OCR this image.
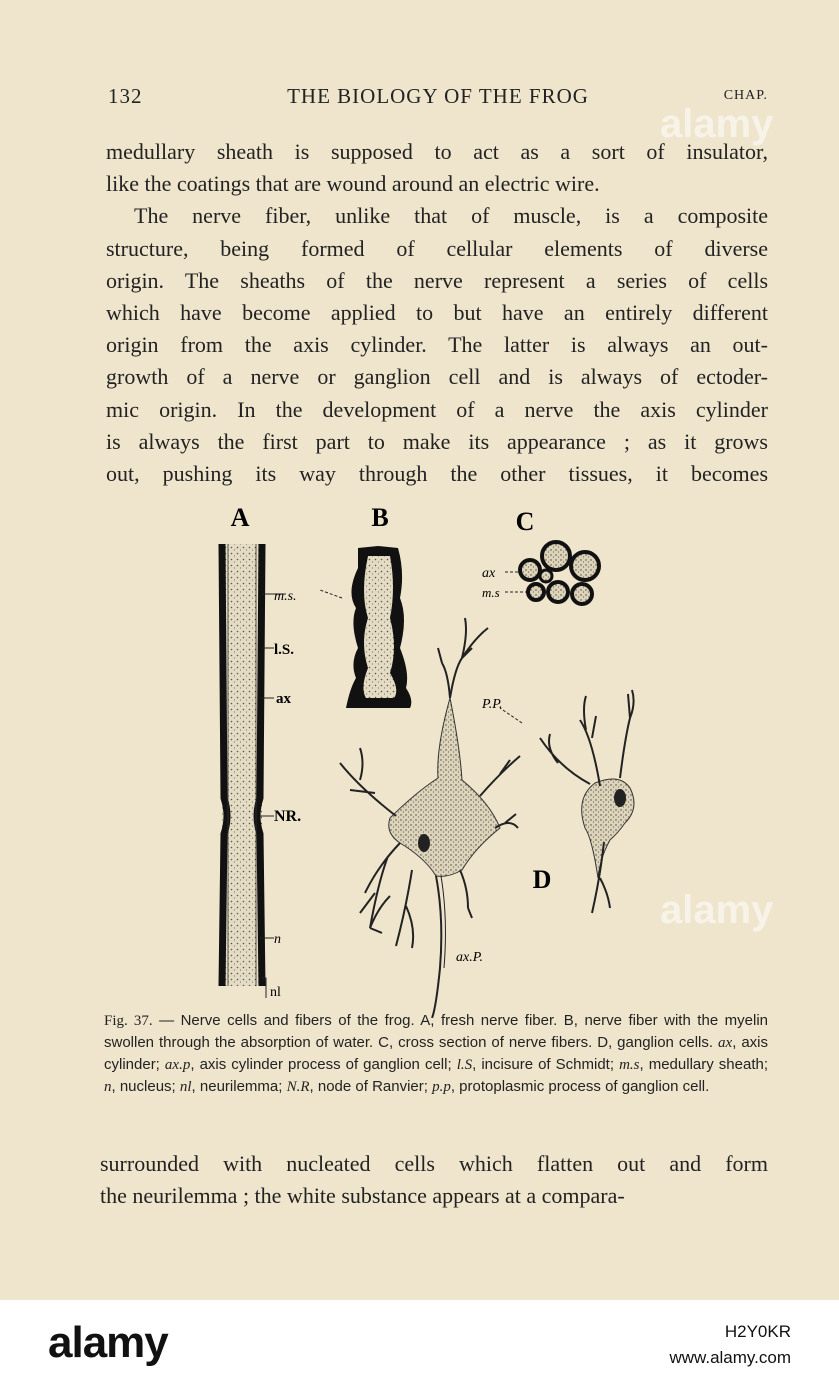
132	THE BIOLOGY OF THE FROG	CHAP.

medullary sheath is supposed to act as a sort of insulator,

like the coatings that are wound around an electric wire.

The nerve fiber, unlike that of muscle, is a composite

structure, being formed of cellular elements of diverse

origin. The sheaths of the nerve represent a series of cells

which have become applied to but have an entirely different

origin from the axis cylinder. The latter is always an out-

growth of a nerve or ganglion cell and is always of ectoder-

mic origin. In the development of a nerve the axis cylinder

is always the first part to make its appearance ; as it grows

out, pushing its way through the other tissues, it becomes

A	B	C
D
m.s.
l.S.
ax
NR.
n
nl
ax
m.s
ax.P.
P.P.

Fig. 37. — Nerve cells and fibers of the frog. A, fresh nerve fiber. B, nerve fiber with the myelin swollen through the absorption of water. C, cross section of nerve fibers. D, ganglion cells. ax, axis cylinder; ax.p, axis cylinder process of ganglion cell; l.S, incisure of Schmidt; m.s, medullary sheath; n, nucleus; nl, neurilemma; N.R, node of Ranvier; p.p, protoplasmic process of ganglion cell.

surrounded with nucleated cells which flatten out and form

the neurilemma ; the white substance appears at a compara-

alamy
alamy
alamy	H2Y0KR
www.alamy.com
